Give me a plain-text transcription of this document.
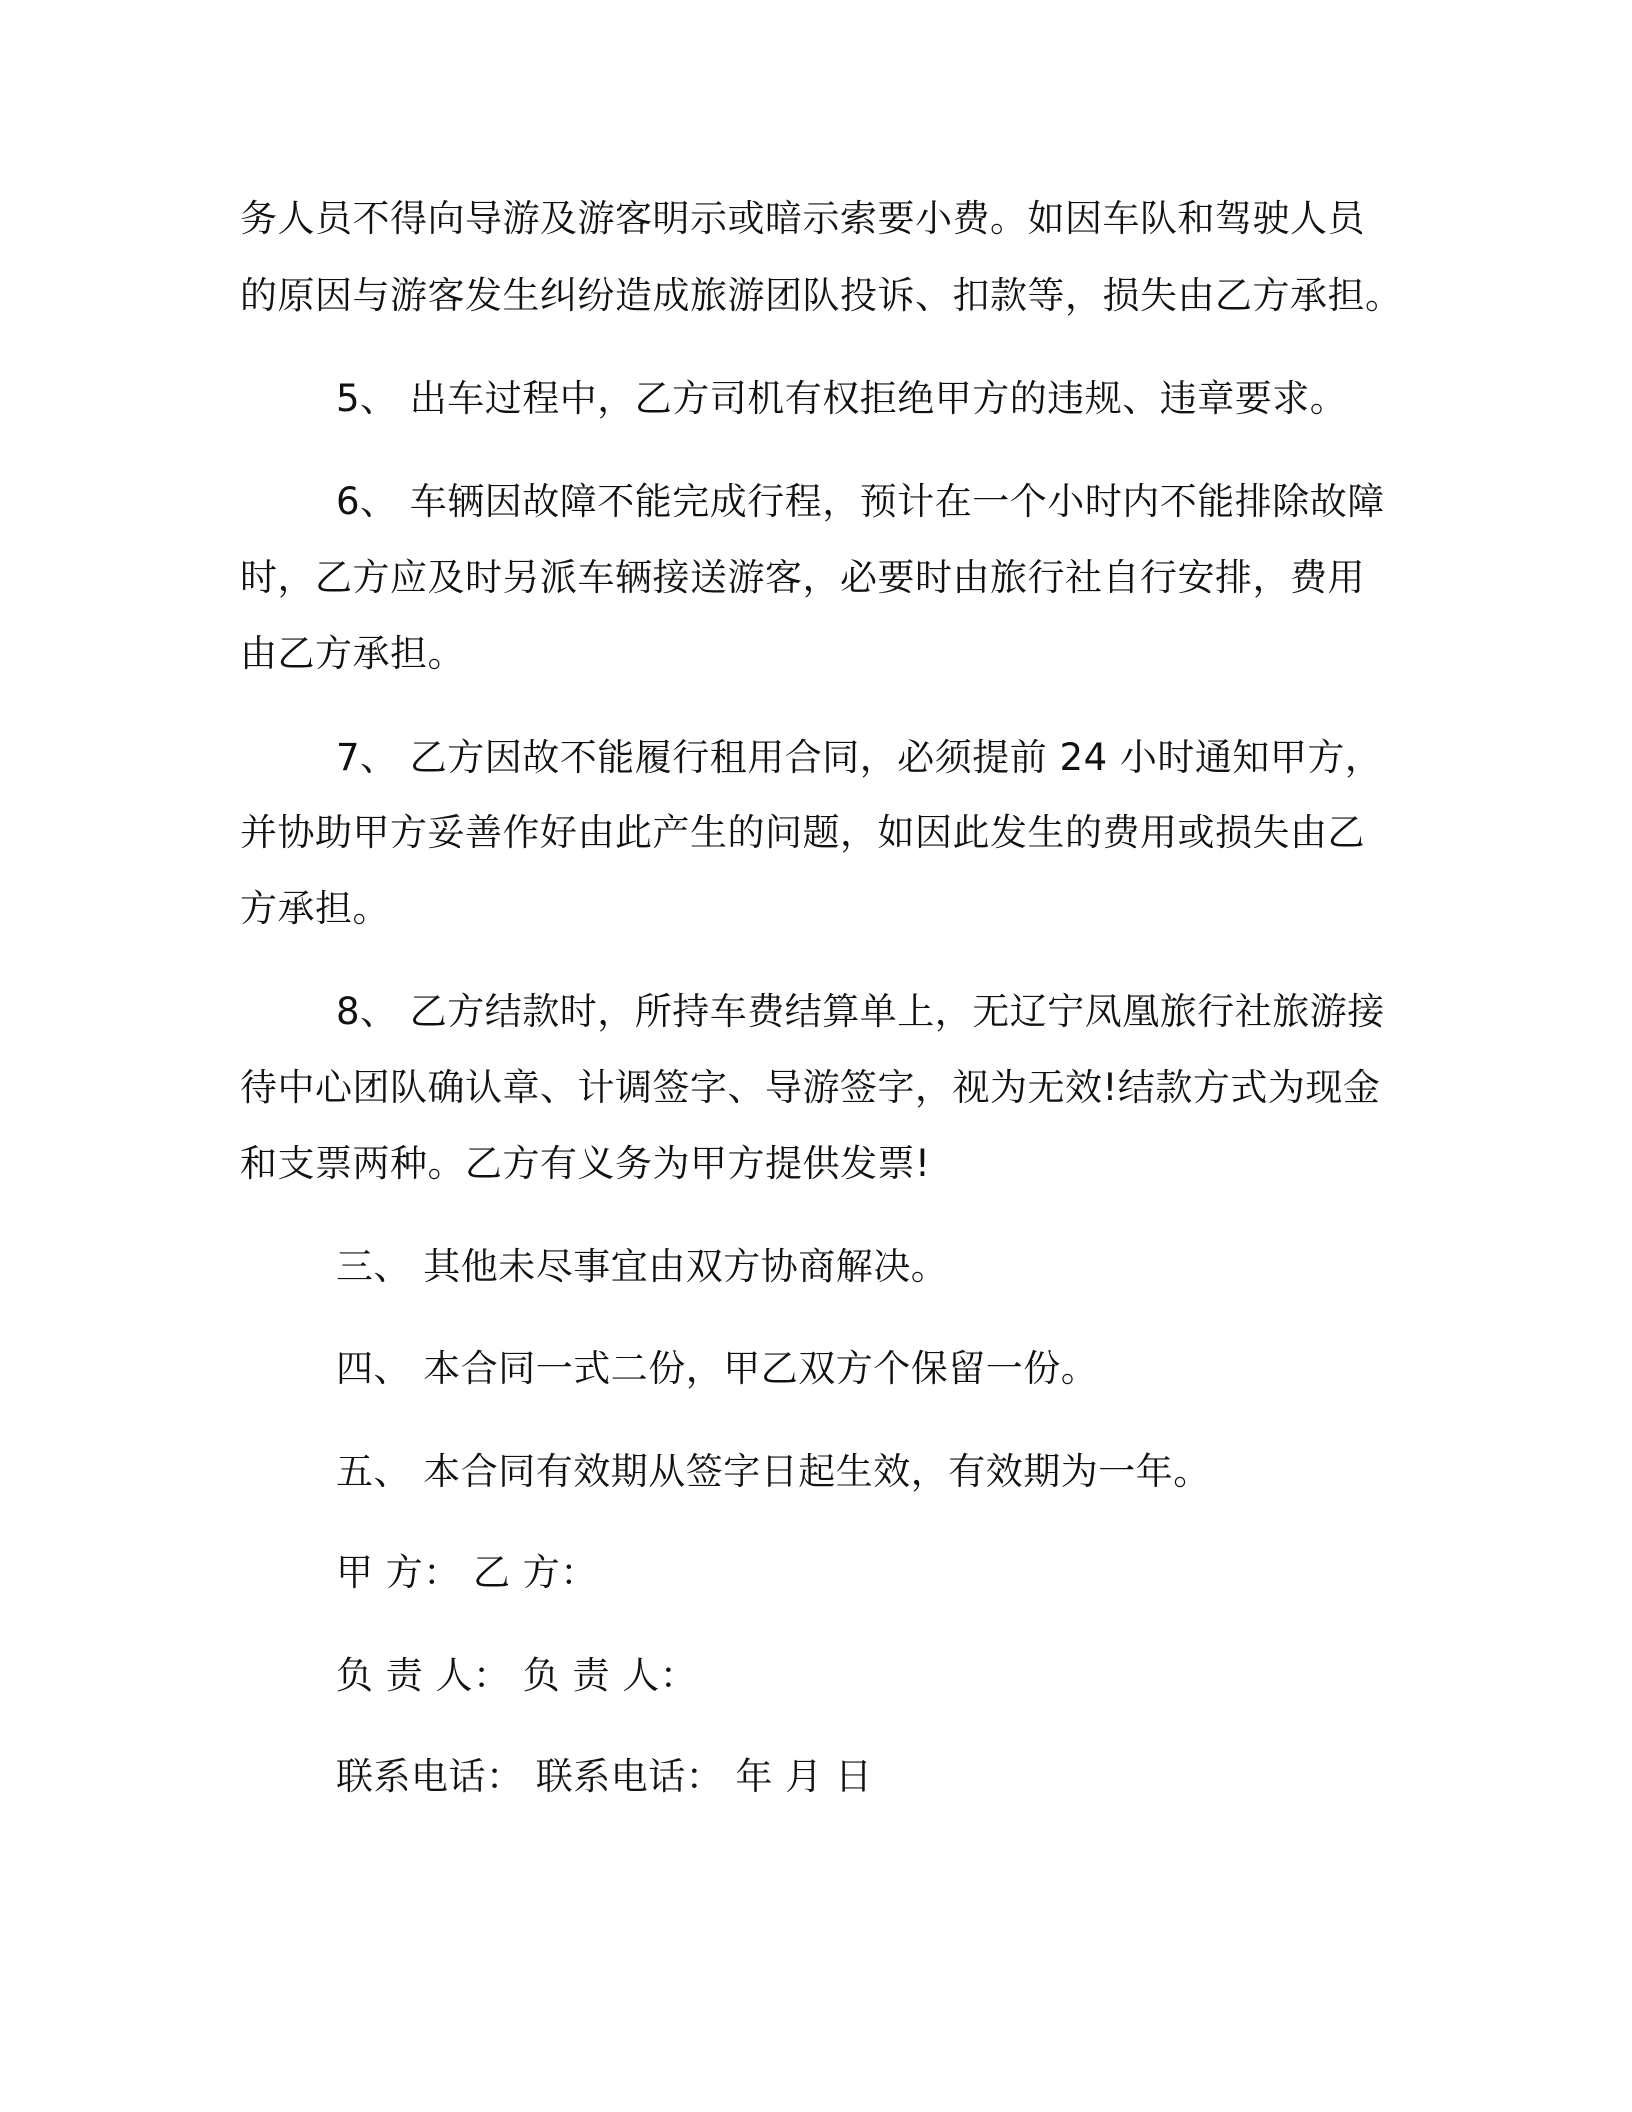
务人员不得向导游及游客明示或暗示索要小费。如因车队和驾驶人员
的原因与游客发生纠纷造成旅游团队投诉、扣款等，损失由乙方承担。
5、 出车过程中，乙方司机有权拒绝甲方的违规、违章要求。
6、 车辆因故障不能完成行程，预计在一个小时内不能排除故障
时，乙方应及时另派车辆接送游客，必要时由旅行社自行安排，费用
由乙方承担。
7、 乙方因故不能履行租用合同，必须提前 24 小时通知甲方，
并协助甲方妥善作好由此产生的问题，如因此发生的费用或损失由乙
方承担。
8、 乙方结款时，所持车费结算单上，无辽宁凤凰旅行社旅游接
待中心团队确认章、计调签字、导游签字，视为无效!结款方式为现金
和支票两种。乙方有义务为甲方提供发票!
三、 其他未尽事宜由双方协商解决。
四、 本合同一式二份，甲乙双方个保留一份。
五、 本合同有效期从签字日起生效，有效期为一年。
甲 方： 乙 方：
负 责 人： 负 责 人：
联系电话： 联系电话： 年 月 日
